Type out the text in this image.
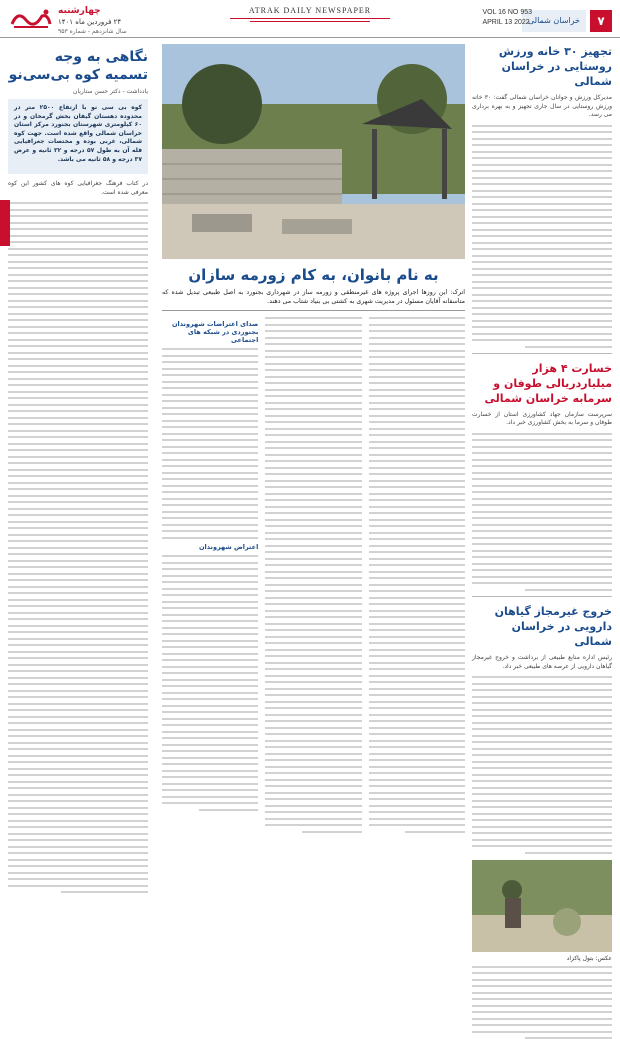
۷
خراسان شمالی
VOL 16 NO 953
APRIL 13 2022
ATRAK DAILY NEWSPAPER
چهارشنبه
۲۴ فروردین ماه ۱۴۰۱
سال شانزدهم - شماره ۹۵۳
تجهیز ۳۰ خانه ورزش روستایی در خراسان شمالی
مدیرکل ورزش و جوانان خراسان شمالی گفت: ۳۰ خانه ورزش روستایی در سال جاری تجهیز و به بهره برداری می رسد.
خسارت ۴ هزار میلیاردریالی طوفان و سرمابه خراسان شمالی
سرپرست سازمان جهاد کشاورزی استان از خسارت طوفان و سرما به بخش کشاورزی خبر داد.
خروج غیرمجاز گیاهان دارویی در خراسان شمالی
رئیس اداره منابع طبیعی از برداشت و خروج غیرمجاز گیاهان دارویی از عرصه های طبیعی خبر داد.
عکس: بتول پاکزاد
به نام بانوان، به کام زورمه سازان
اترک: این روزها اجرای پروژه های غیرمنطقی و زورمه ساز در شهرداری بجنورد به اصل طبیعی تبدیل شده که متاسفانه آقایان مسئول در مدیریت شهری به کشتی بی بنیاد شتاب می دهند.
صدای اعتراضات شهروندان بجنوردی در شبکه های اجتماعی
اعتراض شهروندان
نگاهی به وجه تسمیه کوه بی‌سی‌نو
یادداشت - دکتر حسن ستاریان
کوه بی سی نو با ارتفاع ۲۵۰۰ متر در محدوده دهستان گیفان بخش گرمخان و در ۶۰ کیلومتری شهرستان بجنورد مرکز استان خراسان شمالی واقع شده است. جهت کوه شمالی، غربی بوده و مختصات جغرافیایی قله آن به طول ۵۷ درجه و ۳۲ ثانیه و عرض ۳۷ درجه و ۵۸ ثانیه می باشد.
در کتاب فرهنگ جغرافیایی کوه های کشور این کوه معرفی شده است.
